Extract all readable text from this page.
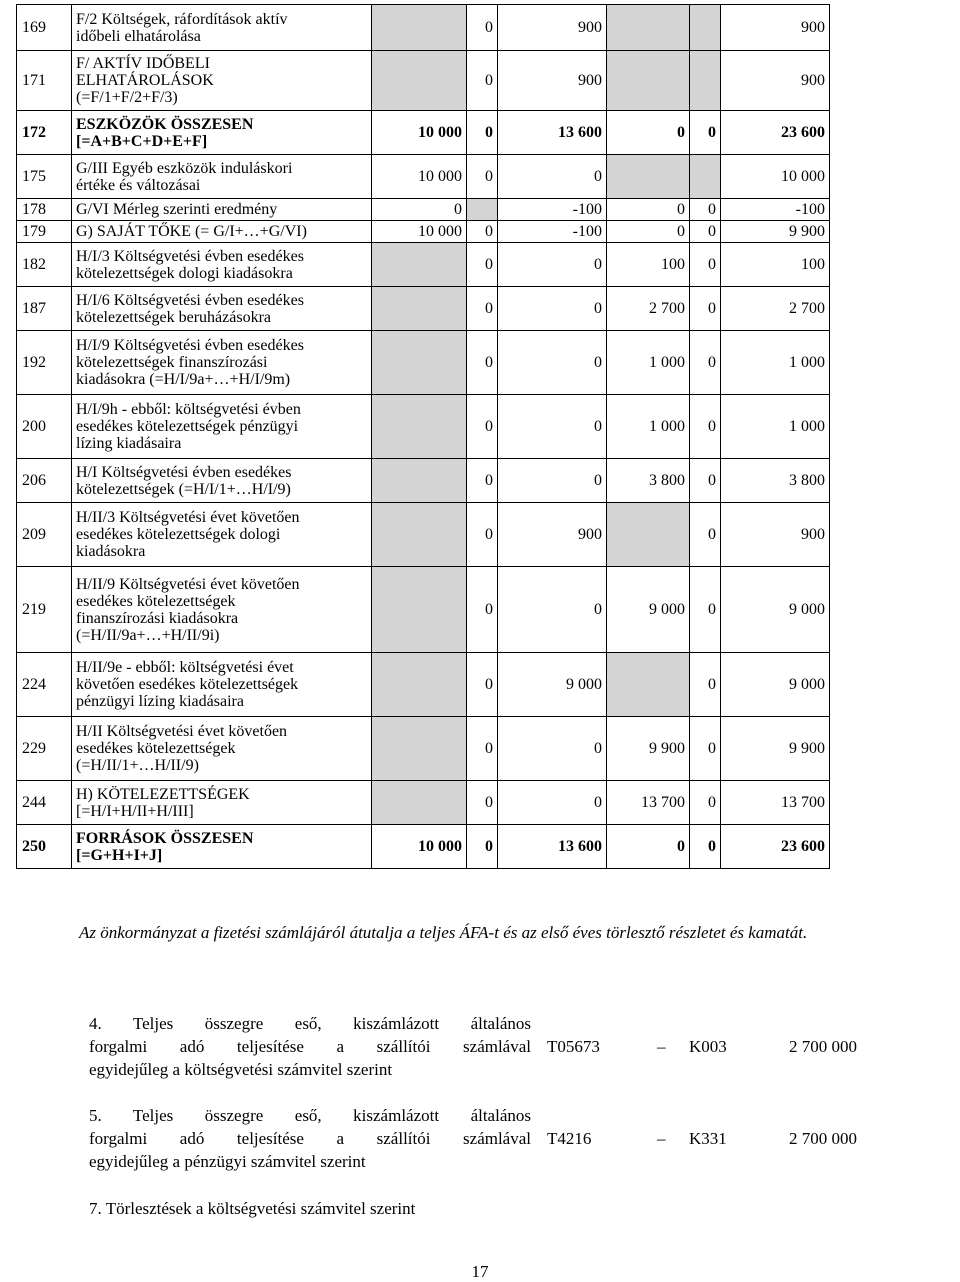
169	F/2 Költségek, ráfordítások aktív
időbeli elhatárolása		0	900			900
171	F/ AKTÍV IDŐBELI
ELHATÁROLÁSOK
(=F/1+F/2+F/3)		0	900			900
172	ESZKÖZÖK ÖSSZESEN
[=A+B+C+D+E+F]	10 000	0	13 600	0	0	23 600
175	G/III Egyéb eszközök induláskori
értéke és változásai	10 000	0	0			10 000
178	G/VI Mérleg szerinti eredmény	0		-100	0	0	-100
179	G) SAJÁT TŐKE (= G/I+…+G/VI)	10 000	0	-100	0	0	9 900
182	H/I/3 Költségvetési évben esedékes
kötelezettségek dologi kiadásokra		0	0	100	0	100
187	H/I/6 Költségvetési évben esedékes
kötelezettségek beruházásokra		0	0	2 700	0	2 700
192	H/I/9 Költségvetési évben esedékes
kötelezettségek finanszírozási
kiadásokra (=H/I/9a+…+H/I/9m)		0	0	1 000	0	1 000
200	H/I/9h - ebből: költségvetési évben
esedékes kötelezettségek pénzügyi
lízing kiadásaira		0	0	1 000	0	1 000
206	H/I Költségvetési évben esedékes
kötelezettségek (=H/I/1+…H/I/9)		0	0	3 800	0	3 800
209	H/II/3 Költségvetési évet követően
esedékes kötelezettségek dologi
kiadásokra		0	900		0	900
219	H/II/9 Költségvetési évet követően
esedékes kötelezettségek
finanszírozási kiadásokra
(=H/II/9a+…+H/II/9i)		0	0	9 000	0	9 000
224	H/II/9e - ebből: költségvetési évet
követően esedékes kötelezettségek
pénzügyi lízing kiadásaira		0	9 000		0	9 000
229	H/II Költségvetési évet követően
esedékes kötelezettségek
(=H/II/1+…H/II/9)		0	0	9 900	0	9 900
244	H) KÖTELEZETTSÉGEK
[=H/I+H/II+H/III]		0	0	13 700	0	13 700
250	FORRÁSOK ÖSSZESEN
[=G+H+I+J]	10 000	0	13 600	0	0	23 600
Az önkormányzat a fizetési számlájáról átutalja a teljes ÁFA-t és az első éves törlesztő részletet és kamatát.
4. Teljes összegre eső, kiszámlázott általános
forgalmi adó teljesítése a szállítói számlával
egyidejűleg a költségvetési számvitel szerint
T05673	– K003	2 700 000
5. Teljes összegre eső, kiszámlázott általános
forgalmi adó teljesítése a szállítói számlával
egyidejűleg a pénzügyi számvitel szerint
T4216	– K331	2 700 000
7. Törlesztések a költségvetési számvitel szerint
17
